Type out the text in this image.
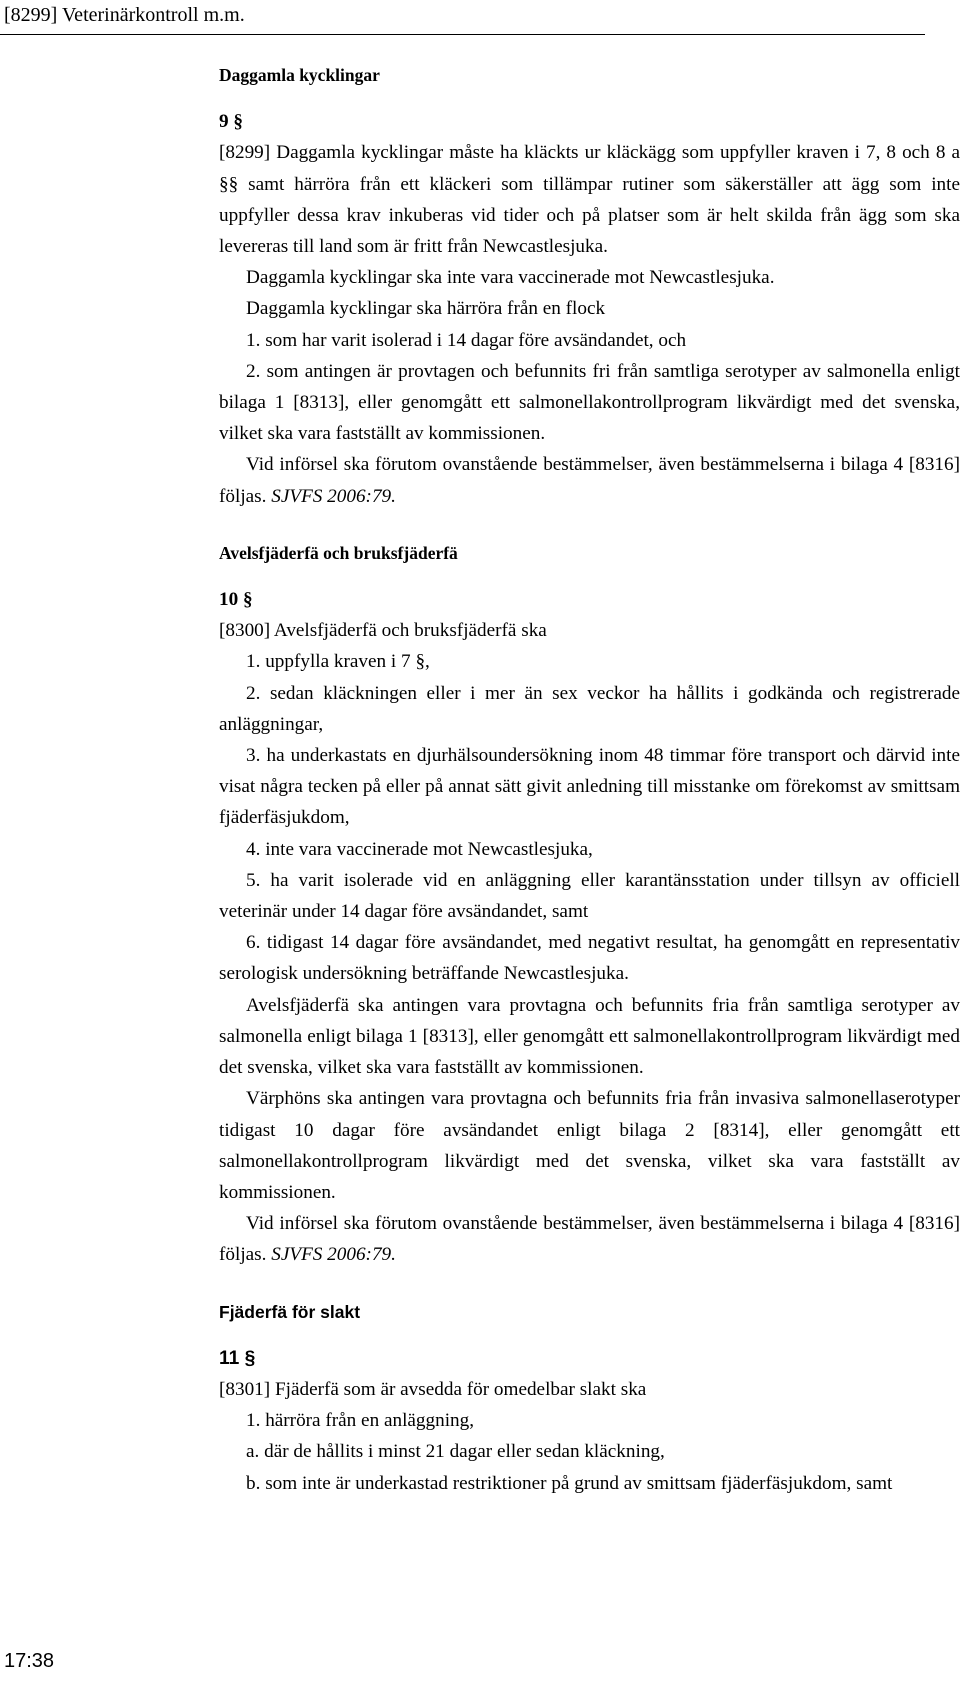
[8299] Veterinärkontroll m.m.

Daggamla kycklingar

9 §

[8299] Daggamla kycklingar måste ha kläckts ur kläckägg som uppfyller kraven i 7, 8 och 8 a §§ samt härröra från ett kläckeri som tillämpar rutiner som säkerställer att ägg som inte uppfyller dessa krav inkuberas vid tider och på platser som är helt skilda från ägg som ska levereras till land som är fritt från Newcastlesjuka.

Daggamla kycklingar ska inte vara vaccinerade mot Newcastlesjuka.

Daggamla kycklingar ska härröra från en flock

1. som har varit isolerad i 14 dagar före avsändandet, och

2. som antingen är provtagen och befunnits fri från samtliga serotyper av salmonella enligt bilaga 1 [8313], eller genomgått ett salmonellakontrollprogram likvärdigt med det svenska, vilket ska vara fastställt av kommissionen.

Vid införsel ska förutom ovanstående bestämmelser, även bestämmelserna i bilaga 4 [8316] följas. SJVFS 2006:79.

Avelsfjäderfä och bruksfjäderfä

10 §

[8300] Avelsfjäderfä och bruksfjäderfä ska

1. uppfylla kraven i 7 §,

2. sedan kläckningen eller i mer än sex veckor ha hållits i godkända och registrerade anläggningar,

3. ha underkastats en djurhälsoundersökning inom 48 timmar före transport och därvid inte visat några tecken på eller på annat sätt givit anledning till misstanke om förekomst av smittsam fjäderfäsjukdom,

4. inte vara vaccinerade mot Newcastlesjuka,

5. ha varit isolerade vid en anläggning eller karantänsstation under tillsyn av officiell veterinär under 14 dagar före avsändandet, samt

6. tidigast 14 dagar före avsändandet, med negativt resultat, ha genomgått en representativ serologisk undersökning beträffande Newcastlesjuka.

Avelsfjäderfä ska antingen vara provtagna och befunnits fria från samtliga serotyper av salmonella enligt bilaga 1 [8313], eller genomgått ett salmonellakontrollprogram likvärdigt med det svenska, vilket ska vara fastställt av kommissionen.

Värphöns ska antingen vara provtagna och befunnits fria från invasiva salmonellaserotyper tidigast 10 dagar före avsändandet enligt bilaga 2 [8314], eller genomgått ett salmonellakontrollprogram likvärdigt med det svenska, vilket ska vara fastställt av kommissionen.

Vid införsel ska förutom ovanstående bestämmelser, även bestämmelserna i bilaga 4 [8316] följas. SJVFS 2006:79.

Fjäderfä för slakt

11 §

[8301] Fjäderfä som är avsedda för omedelbar slakt ska

1. härröra från en anläggning,

a. där de hållits i minst 21 dagar eller sedan kläckning,

b. som inte är underkastad restriktioner på grund av smittsam fjäderfäsjukdom, samt

17:38
